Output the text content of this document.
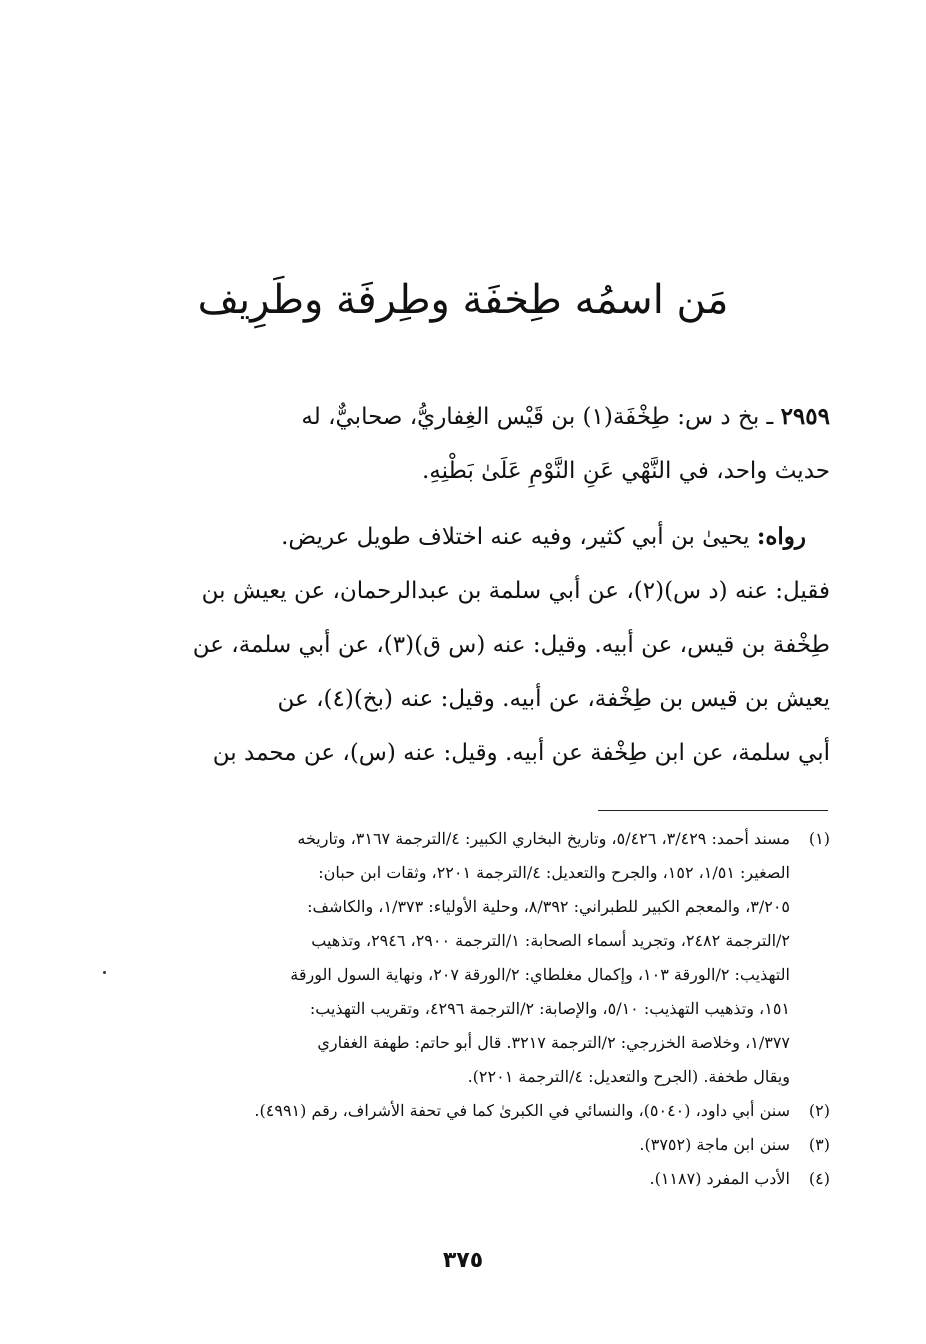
مَن اسمُه طِخفَة وطِرفَة وطَرِيف
٢٩٥٩ ـ بخ د س: طِخْفَة(١) بن قَيْس الغِفاريُّ، صحابيٌّ، له
حديث واحد، في النَّهْي عَنِ النَّوْمِ عَلَىٰ بَطْنِهِ.
رواه: يحيىٰ بن أبي كثير، وفيه عنه اختلاف طويل عريض.
فقيل: عنه (د س)(٢)، عن أبي سلمة بن عبدالرحمان، عن يعيش بن
طِخْفة بن قيس، عن أبيه. وقيل: عنه (س ق)(٣)، عن أبي سلمة، عن
يعيش بن قيس بن طِخْفة، عن أبيه. وقيل: عنه (بخ)(٤)، عن
أبي سلمة، عن ابن طِخْفة عن أبيه. وقيل: عنه (س)، عن محمد بن
(١)مسند أحمد: ٣/٤٢٩، ٥/٤٢٦، وتاريخ البخاري الكبير: ٤/الترجمة ٣١٦٧، وتاريخه
الصغير: ١/٥١، ١٥٢، والجرح والتعديل: ٤/الترجمة ٢٢٠١، وثقات ابن حبان:
٣/٢٠٥، والمعجم الكبير للطبراني: ٨/٣٩٢، وحلية الأولياء: ١/٣٧٣، والكاشف:
٢/الترجمة ٢٤٨٢، وتجريد أسماء الصحابة: ١/الترجمة ٢٩٠٠، ٢٩٤٦، وتذهيب
التهذيب: ٢/الورقة ١٠٣، وإكمال مغلطاي: ٢/الورقة ٢٠٧، ونهاية السول الورقة
١٥١، وتذهيب التهذيب: ٥/١٠، والإصابة: ٢/الترجمة ٤٢٩٦، وتقريب التهذيب:
١/٣٧٧، وخلاصة الخزرجي: ٢/الترجمة ٣٢١٧. قال أبو حاتم: طهفة الغفاري
ويقال طخفة. (الجرح والتعديل: ٤/الترجمة ٢٢٠١).
(٢)سنن أبي داود، (٥٠٤٠)، والنسائي في الكبرىٰ كما في تحفة الأشراف، رقم (٤٩٩١).
(٣)سنن ابن ماجة (٣٧٥٢).
(٤)الأدب المفرد (١١٨٧).
٣٧٥
